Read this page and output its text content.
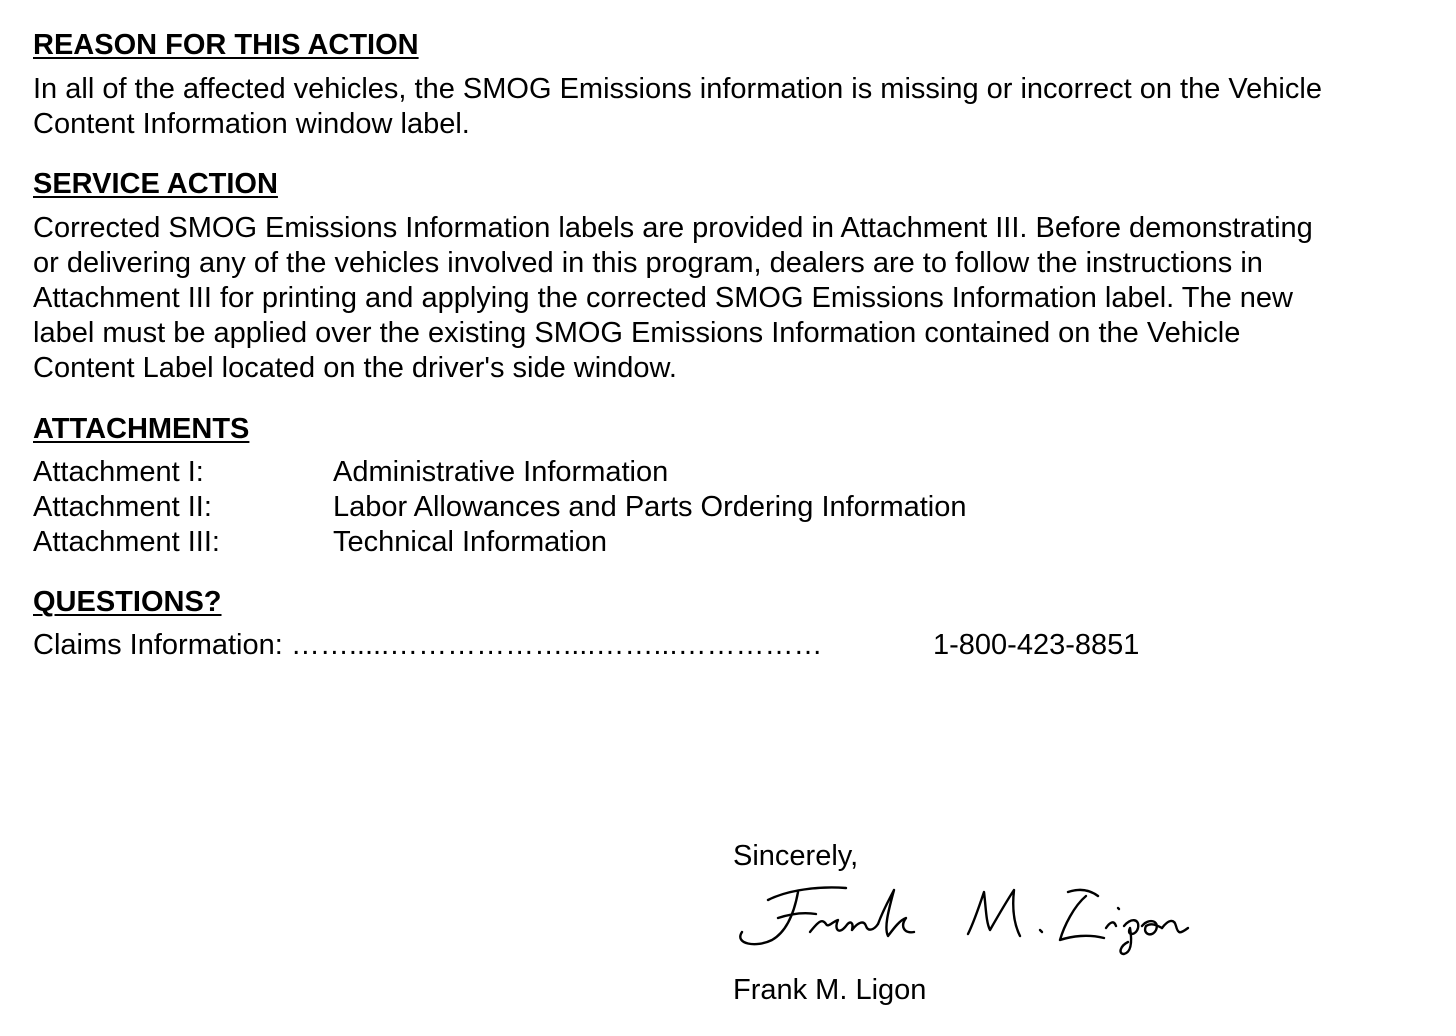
REASON FOR THIS ACTION
In all of the affected vehicles, the SMOG Emissions information is missing or incorrect on the Vehicle
Content Information window label.
SERVICE ACTION
Corrected SMOG Emissions Information labels are provided in Attachment III. Before demonstrating
or delivering any of the vehicles involved in this program, dealers are to follow the instructions in
Attachment III for printing and applying the corrected SMOG Emissions Information label. The new
label must be applied over the existing SMOG Emissions Information contained on the Vehicle
Content Label located on the driver's side window.
ATTACHMENTS
Attachment I:	Administrative Information
Attachment II:	Labor Allowances and Parts Ordering Information
Attachment III:	Technical Information
QUESTIONS?
Claims Information: …….....………………....……...……………	1-800-423-8851
Sincerely,
Frank M. Ligon
